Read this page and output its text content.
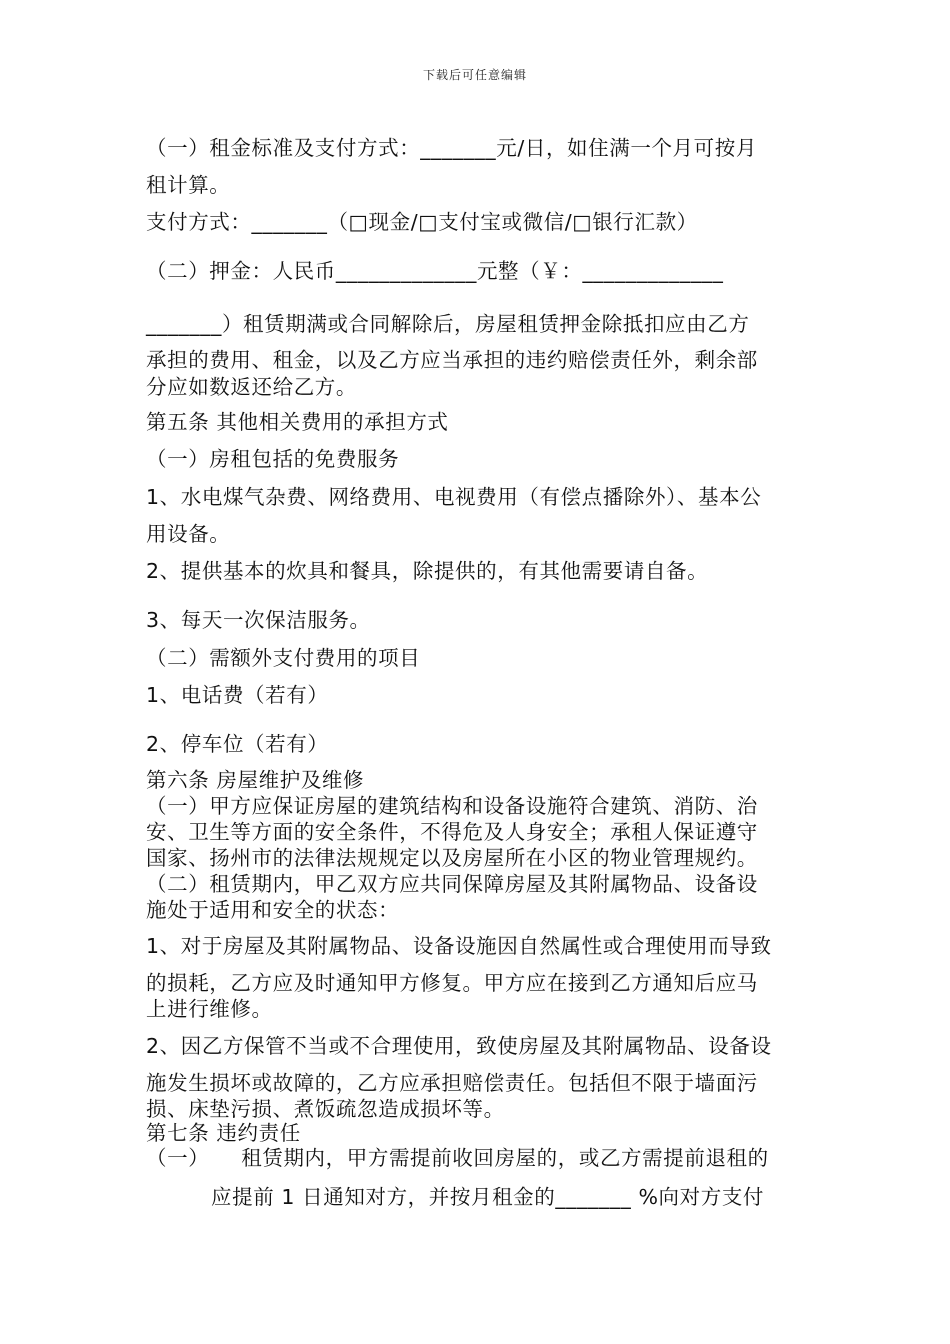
下载后可任意编辑
（一）租金标准及支付方式：_______元/日，如住满一个月可按月
租计算。
支付方式：_______（□现金/□支付宝或微信/□银行汇款）
（二）押金：人民币_____________元整（￥：_____________
_______）租赁期满或合同解除后，房屋租赁押金除抵扣应由乙方
承担的费用、租金，以及乙方应当承担的违约赔偿责任外，剩余部
分应如数返还给乙方。
第五条 其他相关费用的承担方式
（一）房租包括的免费服务
1、水电煤气杂费、网络费用、电视费用（有偿点播除外）、基本公
用设备。
2、提供基本的炊具和餐具，除提供的，有其他需要请自备。
3、每天一次保洁服务。
（二）需额外支付费用的项目
1、电话费（若有）
2、停车位（若有）
第六条 房屋维护及维修
（一）甲方应保证房屋的建筑结构和设备设施符合建筑、消防、治
安、卫生等方面的安全条件，不得危及人身安全；承租人保证遵守
国家、扬州市的法律法规规定以及房屋所在小区的物业管理规约。
（二）租赁期内，甲乙双方应共同保障房屋及其附属物品、设备设
施处于适用和安全的状态：
1、对于房屋及其附属物品、设备设施因自然属性或合理使用而导致
的损耗，乙方应及时通知甲方修复。甲方应在接到乙方通知后应马
上进行维修。
2、因乙方保管不当或不合理使用，致使房屋及其附属物品、设备设
施发生损坏或故障的，乙方应承担赔偿责任。包括但不限于墙面污
损、床垫污损、煮饭疏忽造成损坏等。
第七条 违约责任
（一）　　租赁期内，甲方需提前收回房屋的，或乙方需提前退租的
应提前 1 日通知对方，并按月租金的_______ %向对方支付
